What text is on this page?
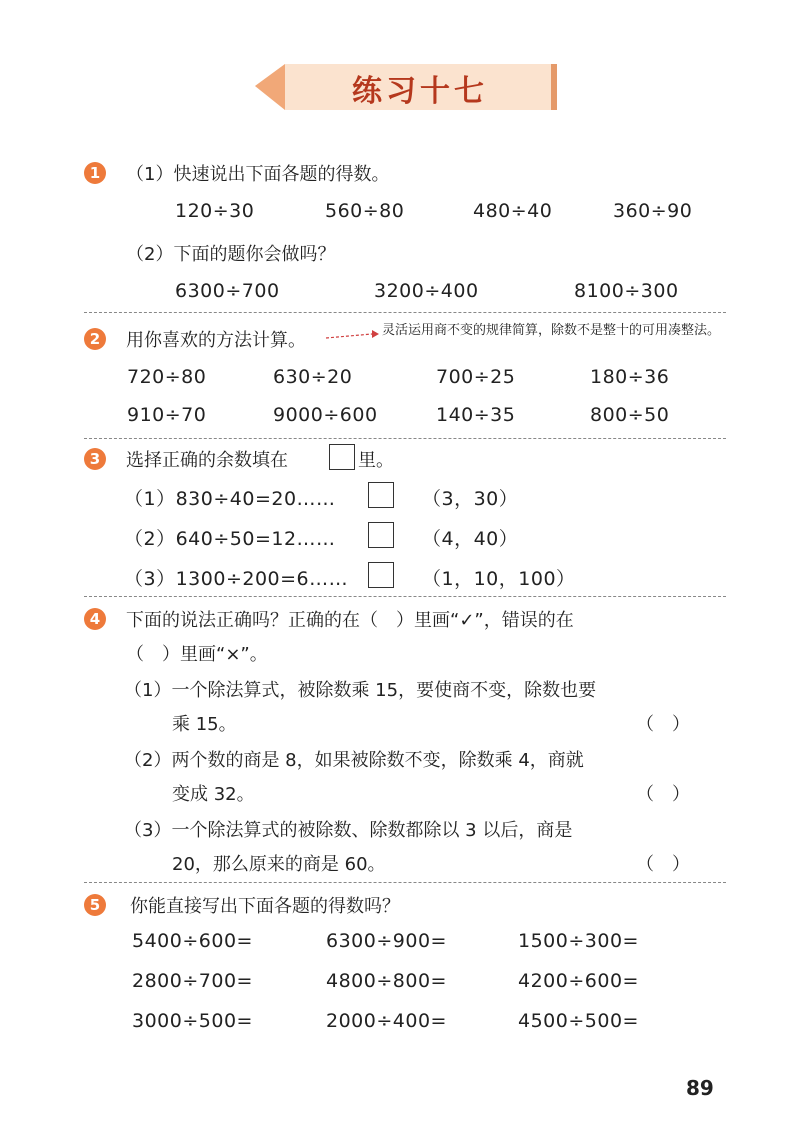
练习十七
1	（1）快速说出下面各题的得数。
120÷30	560÷80	480÷40	360÷90
（2）下面的题你会做吗？
6300÷700	3200÷400	8100÷300
2	用你喜欢的方法计算。	灵活运用商不变的规律简算，除数不是整十的可用凑整法。
720÷80	630÷20	700÷25	180÷36
910÷70	9000÷600	140÷35	800÷50
3	选择正确的余数填在	里。
（1）830÷40=20……	（3，30）
（2）640÷50=12……	（4，40）
（3）1300÷200=6……	（1，10，100）
4	下面的说法正确吗？正确的在（　）里画“✓”，错误的在
（　）里画“×”。
（1）一个除法算式，被除数乘 15，要使商不变，除数也要
乘 15。	（　）
（2）两个数的商是 8，如果被除数不变，除数乘 4，商就
变成 32。	（　）
（3）一个除法算式的被除数、除数都除以 3 以后，商是
20，那么原来的商是 60。	（　）
5	你能直接写出下面各题的得数吗？
5400÷600=	6300÷900=	1500÷300=
2800÷700=	4800÷800=	4200÷600=
3000÷500=	2000÷400=	4500÷500=
89
